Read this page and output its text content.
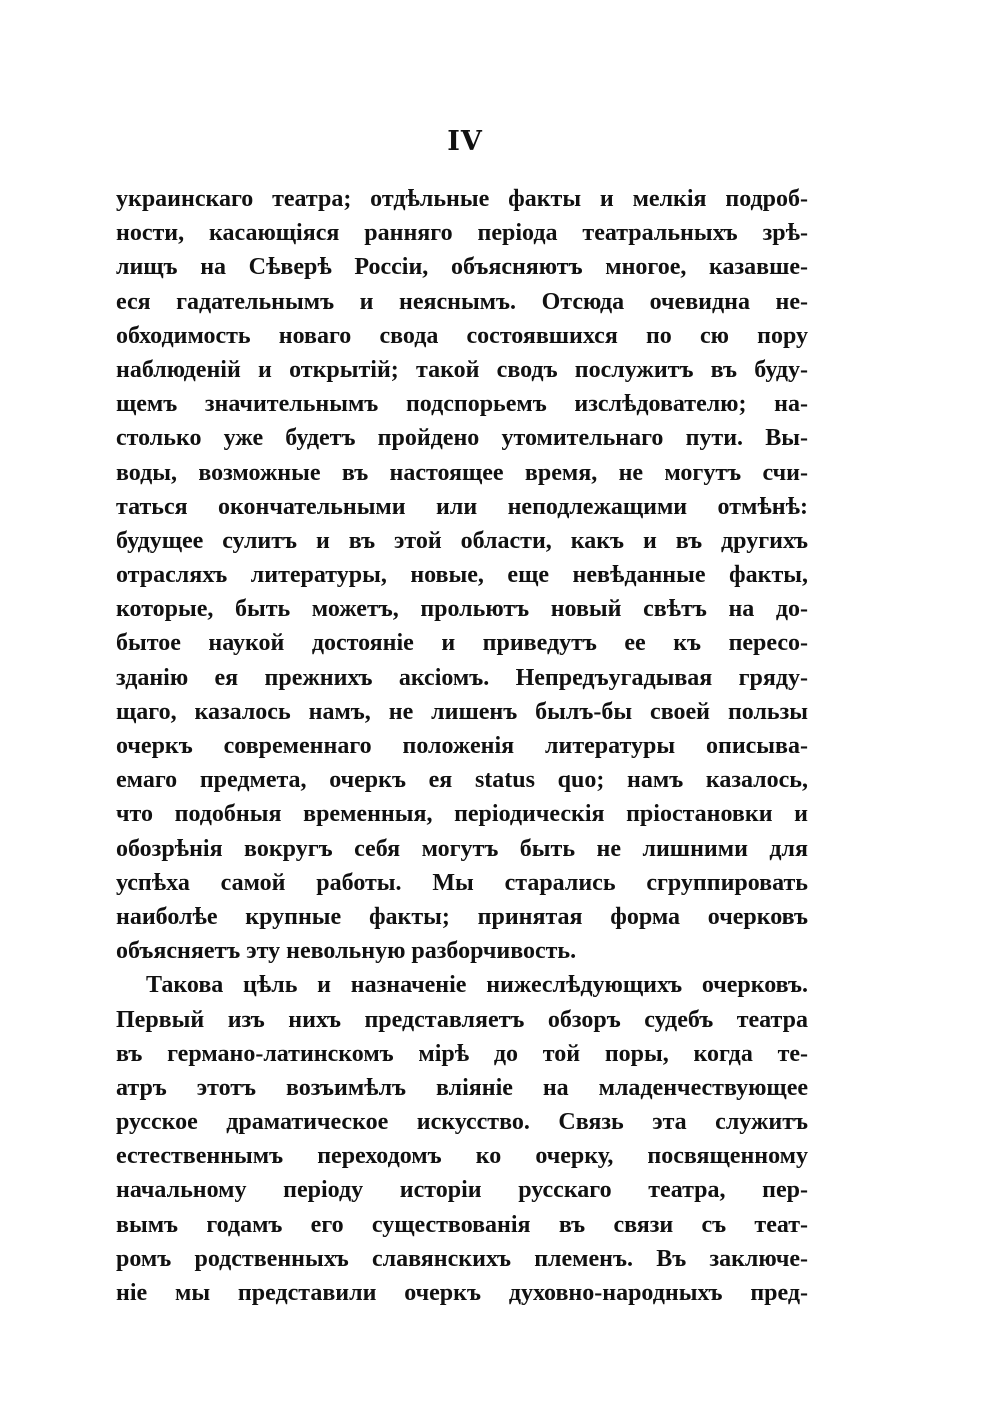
IV
украинскаго театра; отдѣльные факты и мелкія подроб-
ности, касающіяся ранняго періода театральныхъ зрѣ-
лищъ на Сѣверѣ Россіи, объясняютъ многое, казавше-
еся гадательнымъ и неяснымъ. Отсюда очевидна не-
обходимость новаго свода состоявшихся по сю пору
наблюденій и открытій; такой сводъ послужитъ въ буду-
щемъ значительнымъ подспорьемъ изслѣдователю; на-
столько уже будетъ пройдено утомительнаго пути. Вы-
воды, возможные въ настоящее время, не могутъ счи-
таться окончательными или неподлежащими отмѣнѣ:
будущее сулитъ и въ этой области, какъ и въ другихъ
отрасляхъ литературы, новые, еще невѣданные факты,
которые, быть можетъ, прольютъ новый свѣтъ на до-
бытое наукой достояніе и приведутъ ее къ пересо-
зданію ея прежнихъ аксіомъ. Непредъугадывая гряду-
щаго, казалось намъ, не лишенъ былъ-бы своей пользы
очеркъ современнаго положенія литературы описыва-
емаго предмета, очеркъ ея status quo; намъ казалось,
что подобныя временныя, періодическія пріостановки и
обозрѣнія вокругъ себя могутъ быть не лишними для
успѣха самой работы. Мы старались сгруппировать
наиболѣе крупные факты; принятая форма очерковъ
объясняетъ эту невольную разборчивость.
Такова цѣль и назначеніе нижеслѣдующихъ очерковъ.
Первый изъ нихъ представляетъ обзоръ судебъ театра
въ германо-латинскомъ мірѣ до той поры, когда те-
атръ этотъ возъимѣлъ вліяніе на младенчествующее
русское драматическое искусство. Связь эта служитъ
естественнымъ переходомъ ко очерку, посвященному
начальному періоду исторіи русскаго театра, пер-
вымъ годамъ его существованія въ связи съ теат-
ромъ родственныхъ славянскихъ племенъ. Въ заключе-
ніе мы представили очеркъ духовно-народныхъ пред-
